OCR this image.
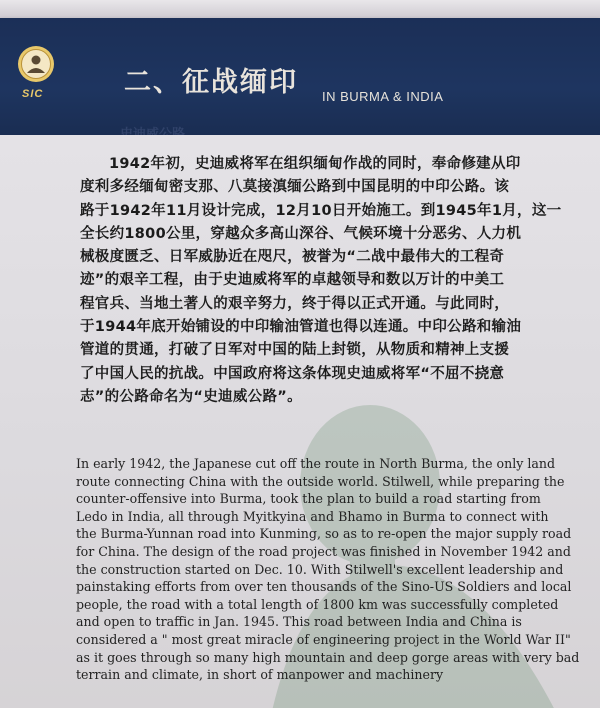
SIC	二、征战缅印 IN BURMA & INDIA
1942年初，史迪威将军在组织缅甸作战的同时，奉命修建从印
度利多经缅甸密支那、八莫接滇缅公路到中国昆明的中印公路。该
路于1942年11月设计完成，12月10日开始施工。到1945年1月，这一
全长约1800公里，穿越众多高山深谷、气候环境十分恶劣、人力机
械极度匮乏、日军威胁近在咫尺，被誉为“二战中最伟大的工程奇
迹”的艰辛工程，由于史迪威将军的卓越领导和数以万计的中美工
程官兵、当地土著人的艰辛努力，终于得以正式开通。与此同时，
于1944年底开始铺设的中印输油管道也得以连通。中印公路和输油
管道的贯通，打破了日军对中国的陆上封锁，从物质和精神上支援
了中国人民的抗战。中国政府将这条体现史迪威将军“不屈不挠意
志”的公路命名为“史迪威公路”。
In early 1942, the Japanese cut off the route in North Burma, the only land
route connecting China with the outside world. Stilwell, while preparing the
counter-offensive into Burma, took the plan to build a road starting from
Ledo in India, all through Myitkyina and Bhamo in Burma to connect with
the Burma-Yunnan road into Kunming, so as to re-open the major supply road
for China. The design of the road project was finished in November 1942 and
the construction started on Dec. 10. With Stilwell's excellent leadership and
painstaking efforts from over ten thousands of the Sino-US Soldiers and local
people, the road with a total length of 1800 km was successfully completed
and open to traffic in Jan. 1945. This road between India and China is
considered a " most great miracle of engineering project in the World War II"
as it goes through so many high mountain and deep gorge areas with very bad
terrain and climate, in short of manpower and machinery
